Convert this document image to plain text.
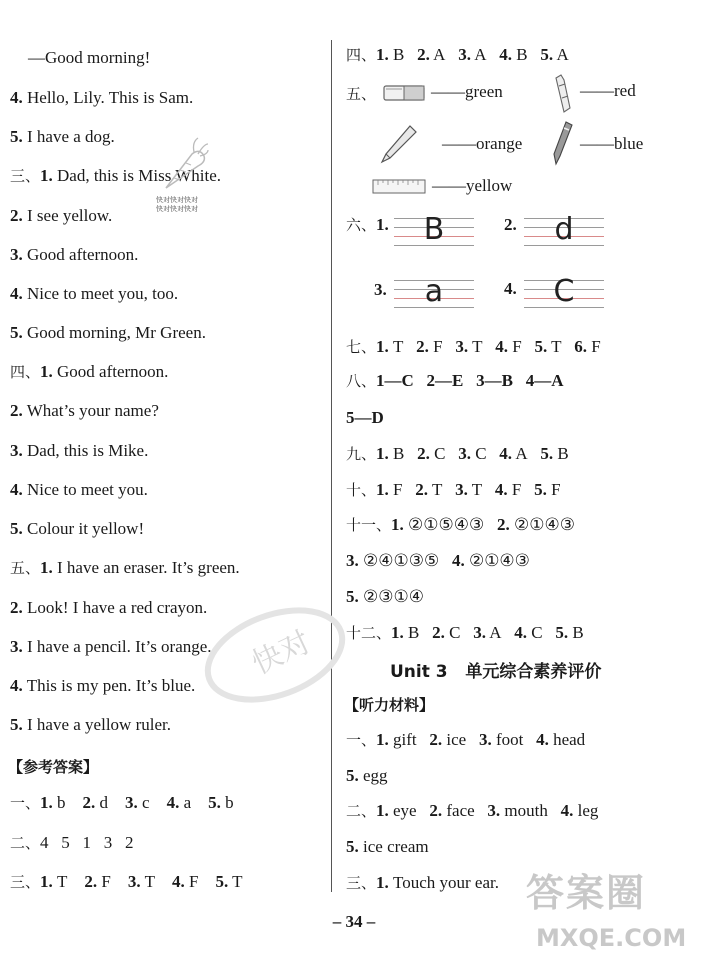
—Good morning!
4. Hello, Lily. This is Sam.
5. I have a dog.
三、1. Dad, this is Miss White.
2. I see yellow.
3. Good afternoon.
4. Nice to meet you, too.
5. Good morning, Mr Green.
四、1. Good afternoon.
2. What’s your name?
3. Dad, this is Mike.
4. Nice to meet you.
5. Colour it yellow!
五、1. I have an eraser. It’s green.
2. Look! I have a red crayon.
3. I have a pencil. It’s orange.
4. This is my pen. It’s blue.
5. I have a yellow ruler.
【参考答案】
一、1. b 2. d 3. c 4. a 5. b
二、4   5   1   3   2
三、1. T 2. F 3. T 4. F 5. T
快对快对快对
快对快对快对
快对
四、1. B 2. A 3. A 4. B 5. A
五、	——green	——red
——orange	——blue
——yellow
六、1.	B	2.	d
3.	a	4.	C
七、1. T 2. F 3. T 4. F 5. T 6. F
八、1—C   2—E   3—B   4—A
5—D
九、1. B 2. C 3. C 4. A 5. B
十、1. F 2. T 3. T 4. F 5. F
十一、1. ②①⑤④③ 2. ②①④③
3. ②④①③⑤ 4. ②①④③
5. ②③①④
十二、1. B 2. C 3. A 4. C 5. B
Unit 3   单元综合素养评价
【听力材料】
一、1. gift 2. ice 3. foot 4. head
5. egg
二、1. eye 2. face 3. mouth 4. leg
5. ice cream
三、1. Touch your ear. 答案圈
MXQE.COM
– 34 –
